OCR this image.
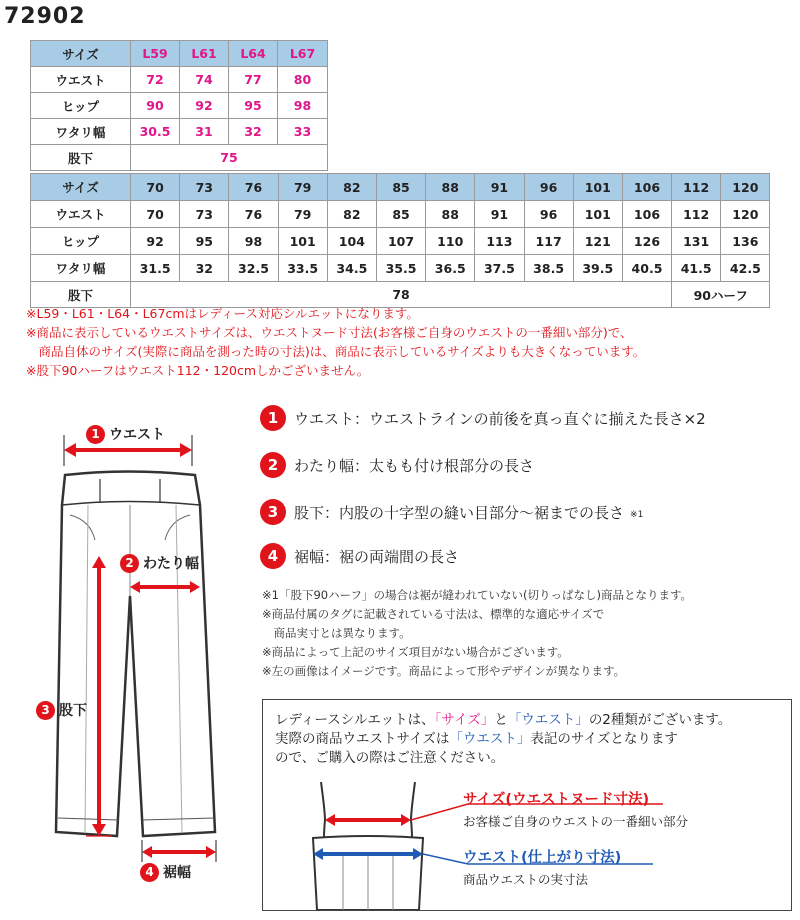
72902
サイズ	L59	L61	L64	L67
ウエスト	72	74	77	80
ヒップ	90	92	95	98
ワタリ幅	30.5	31	32	33
股下	75			
サイズ	70	73	76	79	82	85	88	91	96	101	106	112	120
ウエスト	70	73	76	79	82	85	88	91	96	101	106	112	120
ヒップ	92	95	98	101	104	107	110	113	117	121	126	131	136
ワタリ幅	31.5	32	32.5	33.5	34.5	35.5	36.5	37.5	38.5	39.5	40.5	41.5	42.5
股下	78											90ハーフ	
※L59・L61・L64・L67cmはレディース対応シルエットになります。
※商品に表示しているウエストサイズは、ウエストヌード寸法(お客様ご自身のウエストの一番細い部分)で、
　商品自体のサイズ(実際に商品を測った時の寸法)は、商品に表示しているサイズよりも大きくなっています。
※股下90ハーフはウエスト112・120cmしかございません。
1 ウエスト
2 わたり幅
3 股下
4 裾幅
1	ウエスト ：ウエストラインの前後を真っ直ぐに揃えた長さ×2
2	わたり幅 ：太もも付け根部分の長さ
3	股下 ：内股の十字型の縫い目部分～裾までの長さ ※1
4	裾幅 ：裾の両端間の長さ
※1「股下90ハーフ」の場合は裾が縫われていない(切りっぱなし)商品となります。
※商品付属のタグに記載されている寸法は、標準的な適応サイズで
　商品実寸とは異なります。
※商品によって上記のサイズ項目がない場合がございます。
※左の画像はイメージです。商品によって形やデザインが異なります。
レディースシルエットは、「サイズ」と「ウエスト」の2種類がございます。
実際の商品ウエストサイズは「ウエスト」表記のサイズとなります
ので、ご購入の際はご注意ください。
サイズ(ウエストヌード寸法)
お客様ご自身のウエストの一番細い部分
ウエスト(仕上がり寸法)
商品ウエストの実寸法
